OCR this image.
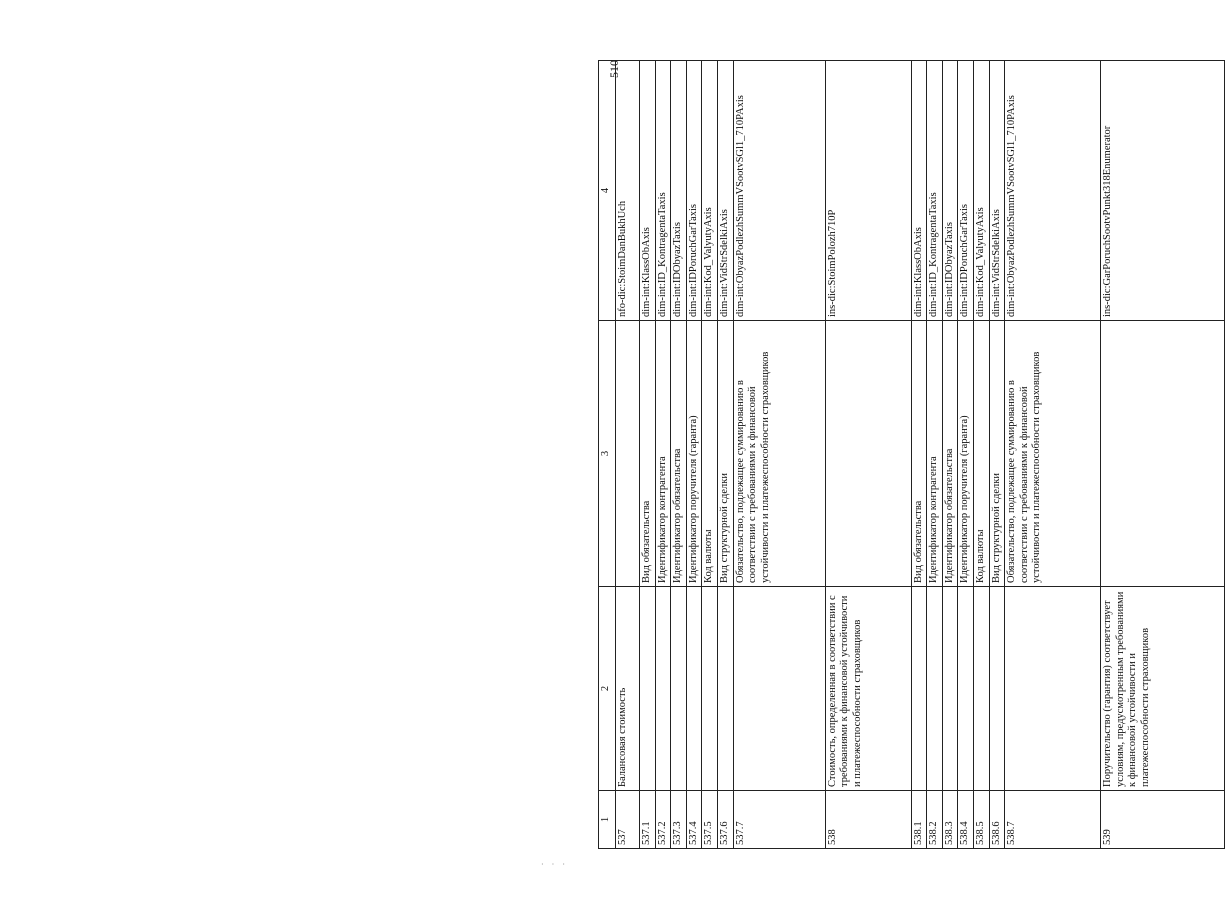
510
· · ·
1	2	3	4
537	Балансовая стоимость		nfo-dic:StoimDanBukhUch
537.1		Вид обязательства	dim-int:KlassObAxis
537.2		Идентификатор контрагента	dim-int:ID_KontragentaTaxis
537.3		Идентификатор обязательства	dim-int:IDObyazTaxis
537.4		Идентификатор поручителя (гаранта)	dim-int:IDPoruchGarTaxis
537.5		Код валюты	dim-int:Kod_ValyutyAxis
537.6		Вид структурной сделки	dim-int:VidStrSdelkiAxis
537.7		Обязательство, подлежащее суммированию в соответствии с требованиями к финансовой устойчивости и платежеспособности страховщиков	dim-int:ObyazPodlezhSummVSootvSGl1_710PAxis
538	Стоимость, определенная в соответствии с требованиями к финансовой устойчивости и платежеспособности страховщиков		ins-dic:StoimPolozh710P
538.1		Вид обязательства	dim-int:KlassObAxis
538.2		Идентификатор контрагента	dim-int:ID_KontragentaTaxis
538.3		Идентификатор обязательства	dim-int:IDObyazTaxis
538.4		Идентификатор поручителя (гаранта)	dim-int:IDPoruchGarTaxis
538.5		Код валюты	dim-int:Kod_ValyutyAxis
538.6		Вид структурной сделки	dim-int:VidStrSdelkiAxis
538.7		Обязательство, подлежащее суммированию в соответствии с требованиями к финансовой устойчивости и платежеспособности страховщиков	dim-int:ObyazPodlezhSummVSootvSGl1_710PAxis
539	Поручительство (гарантия) соответствует условиям, предусмотренным требованиями к финансовой устойчивости и платежеспособности страховщиков		ins-dic:GarPoruchSootvPunkt318Enumerator
